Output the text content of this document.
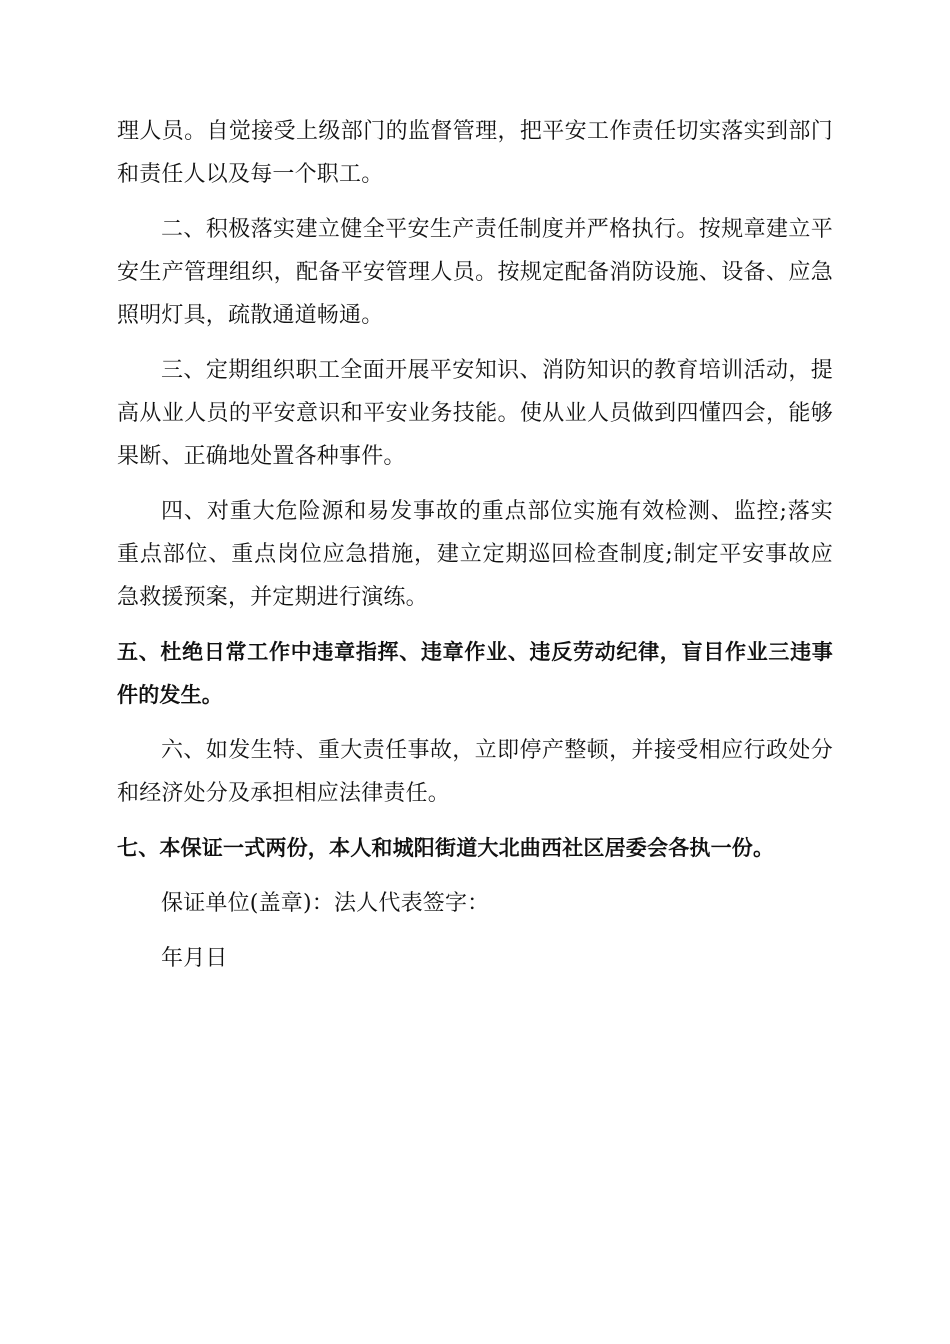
理人员。自觉接受上级部门的监督管理，把平安工作责任切实落实到部门和责任人以及每一个职工。

二、积极落实建立健全平安生产责任制度并严格执行。按规章建立平安生产管理组织，配备平安管理人员。按规定配备消防设施、设备、应急照明灯具，疏散通道畅通。

三、定期组织职工全面开展平安知识、消防知识的教育培训活动，提高从业人员的平安意识和平安业务技能。使从业人员做到四懂四会，能够果断、正确地处置各种事件。

四、对重大危险源和易发事故的重点部位实施有效检测、监控;落实重点部位、重点岗位应急措施，建立定期巡回检查制度;制定平安事故应急救援预案，并定期进行演练。

五、杜绝日常工作中违章指挥、违章作业、违反劳动纪律，盲目作业三违事件的发生。

六、如发生特、重大责任事故，立即停产整顿，并接受相应行政处分和经济处分及承担相应法律责任。

七、本保证一式两份，本人和城阳街道大北曲西社区居委会各执一份。

保证单位(盖章)：法人代表签字：

年月日
